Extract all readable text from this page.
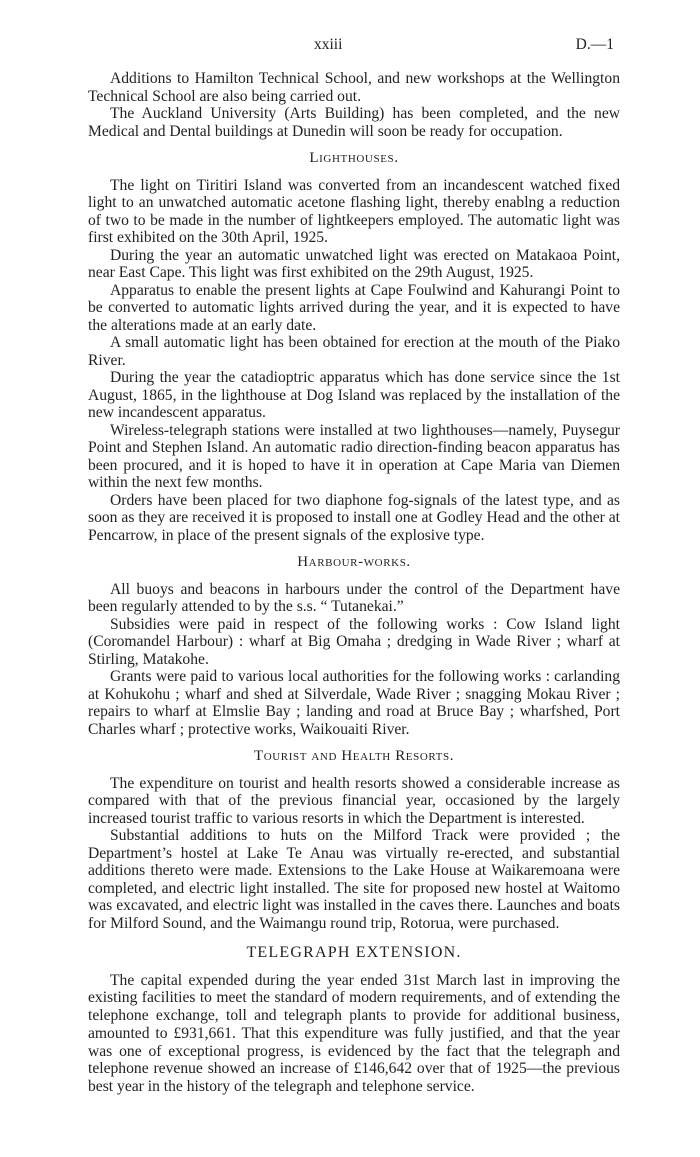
xxiii	D.—1

Additions to Hamilton Technical School, and new workshops at the Wellington Technical School are also being carried out.

The Auckland University (Arts Building) has been completed, and the new Medical and Dental buildings at Dunedin will soon be ready for occupation.

Lighthouses.

The light on Tiritiri Island was converted from an incandescent watched fixed light to an unwatched automatic acetone flashing light, thereby enablng a reduction of two to be made in the number of lightkeepers employed. The automatic light was first exhibited on the 30th April, 1925.

During the year an automatic unwatched light was erected on Matakaoa Point, near East Cape. This light was first exhibited on the 29th August, 1925.

Apparatus to enable the present lights at Cape Foulwind and Kahurangi Point to be converted to automatic lights arrived during the year, and it is expected to have the alterations made at an early date.

A small automatic light has been obtained for erection at the mouth of the Piako River.

During the year the catadioptric apparatus which has done service since the 1st August, 1865, in the lighthouse at Dog Island was replaced by the installation of the new incandescent apparatus.

Wireless-telegraph stations were installed at two lighthouses—namely, Puysegur Point and Stephen Island. An automatic radio direction-finding beacon apparatus has been procured, and it is hoped to have it in operation at Cape Maria van Diemen within the next few months.

Orders have been placed for two diaphone fog-signals of the latest type, and as soon as they are received it is proposed to install one at Godley Head and the other at Pencarrow, in place of the present signals of the explosive type.

Harbour-works.

All buoys and beacons in harbours under the control of the Department have been regularly attended to by the s.s. “ Tutanekai.”

Subsidies were paid in respect of the following works : Cow Island light (Coromandel Harbour) : wharf at Big Omaha ; dredging in Wade River ; wharf at Stirling, Matakohe.

Grants were paid to various local authorities for the following works : carlanding at Kohukohu ; wharf and shed at Silverdale, Wade River ; snagging Mokau River ; repairs to wharf at Elmslie Bay ; landing and road at Bruce Bay ; wharfshed, Port Charles wharf ; protective works, Waikouaiti River.

Tourist and Health Resorts.

The expenditure on tourist and health resorts showed a considerable increase as compared with that of the previous financial year, occasioned by the largely increased tourist traffic to various resorts in which the Department is interested.

Substantial additions to huts on the Milford Track were provided ; the Department’s hostel at Lake Te Anau was virtually re-erected, and substantial additions thereto were made. Extensions to the Lake House at Waikaremoana were completed, and electric light installed. The site for proposed new hostel at Waitomo was excavated, and electric light was installed in the caves there. Launches and boats for Milford Sound, and the Waimangu round trip, Rotorua, were purchased.

TELEGRAPH EXTENSION.

The capital expended during the year ended 31st March last in improving the existing facilities to meet the standard of modern requirements, and of extending the telephone exchange, toll and telegraph plants to provide for additional business, amounted to £931,661. That this expenditure was fully justified, and that the year was one of exceptional progress, is evidenced by the fact that the telegraph and telephone revenue showed an increase of £146,642 over that of 1925—the previous best year in the history of the telegraph and telephone service.
